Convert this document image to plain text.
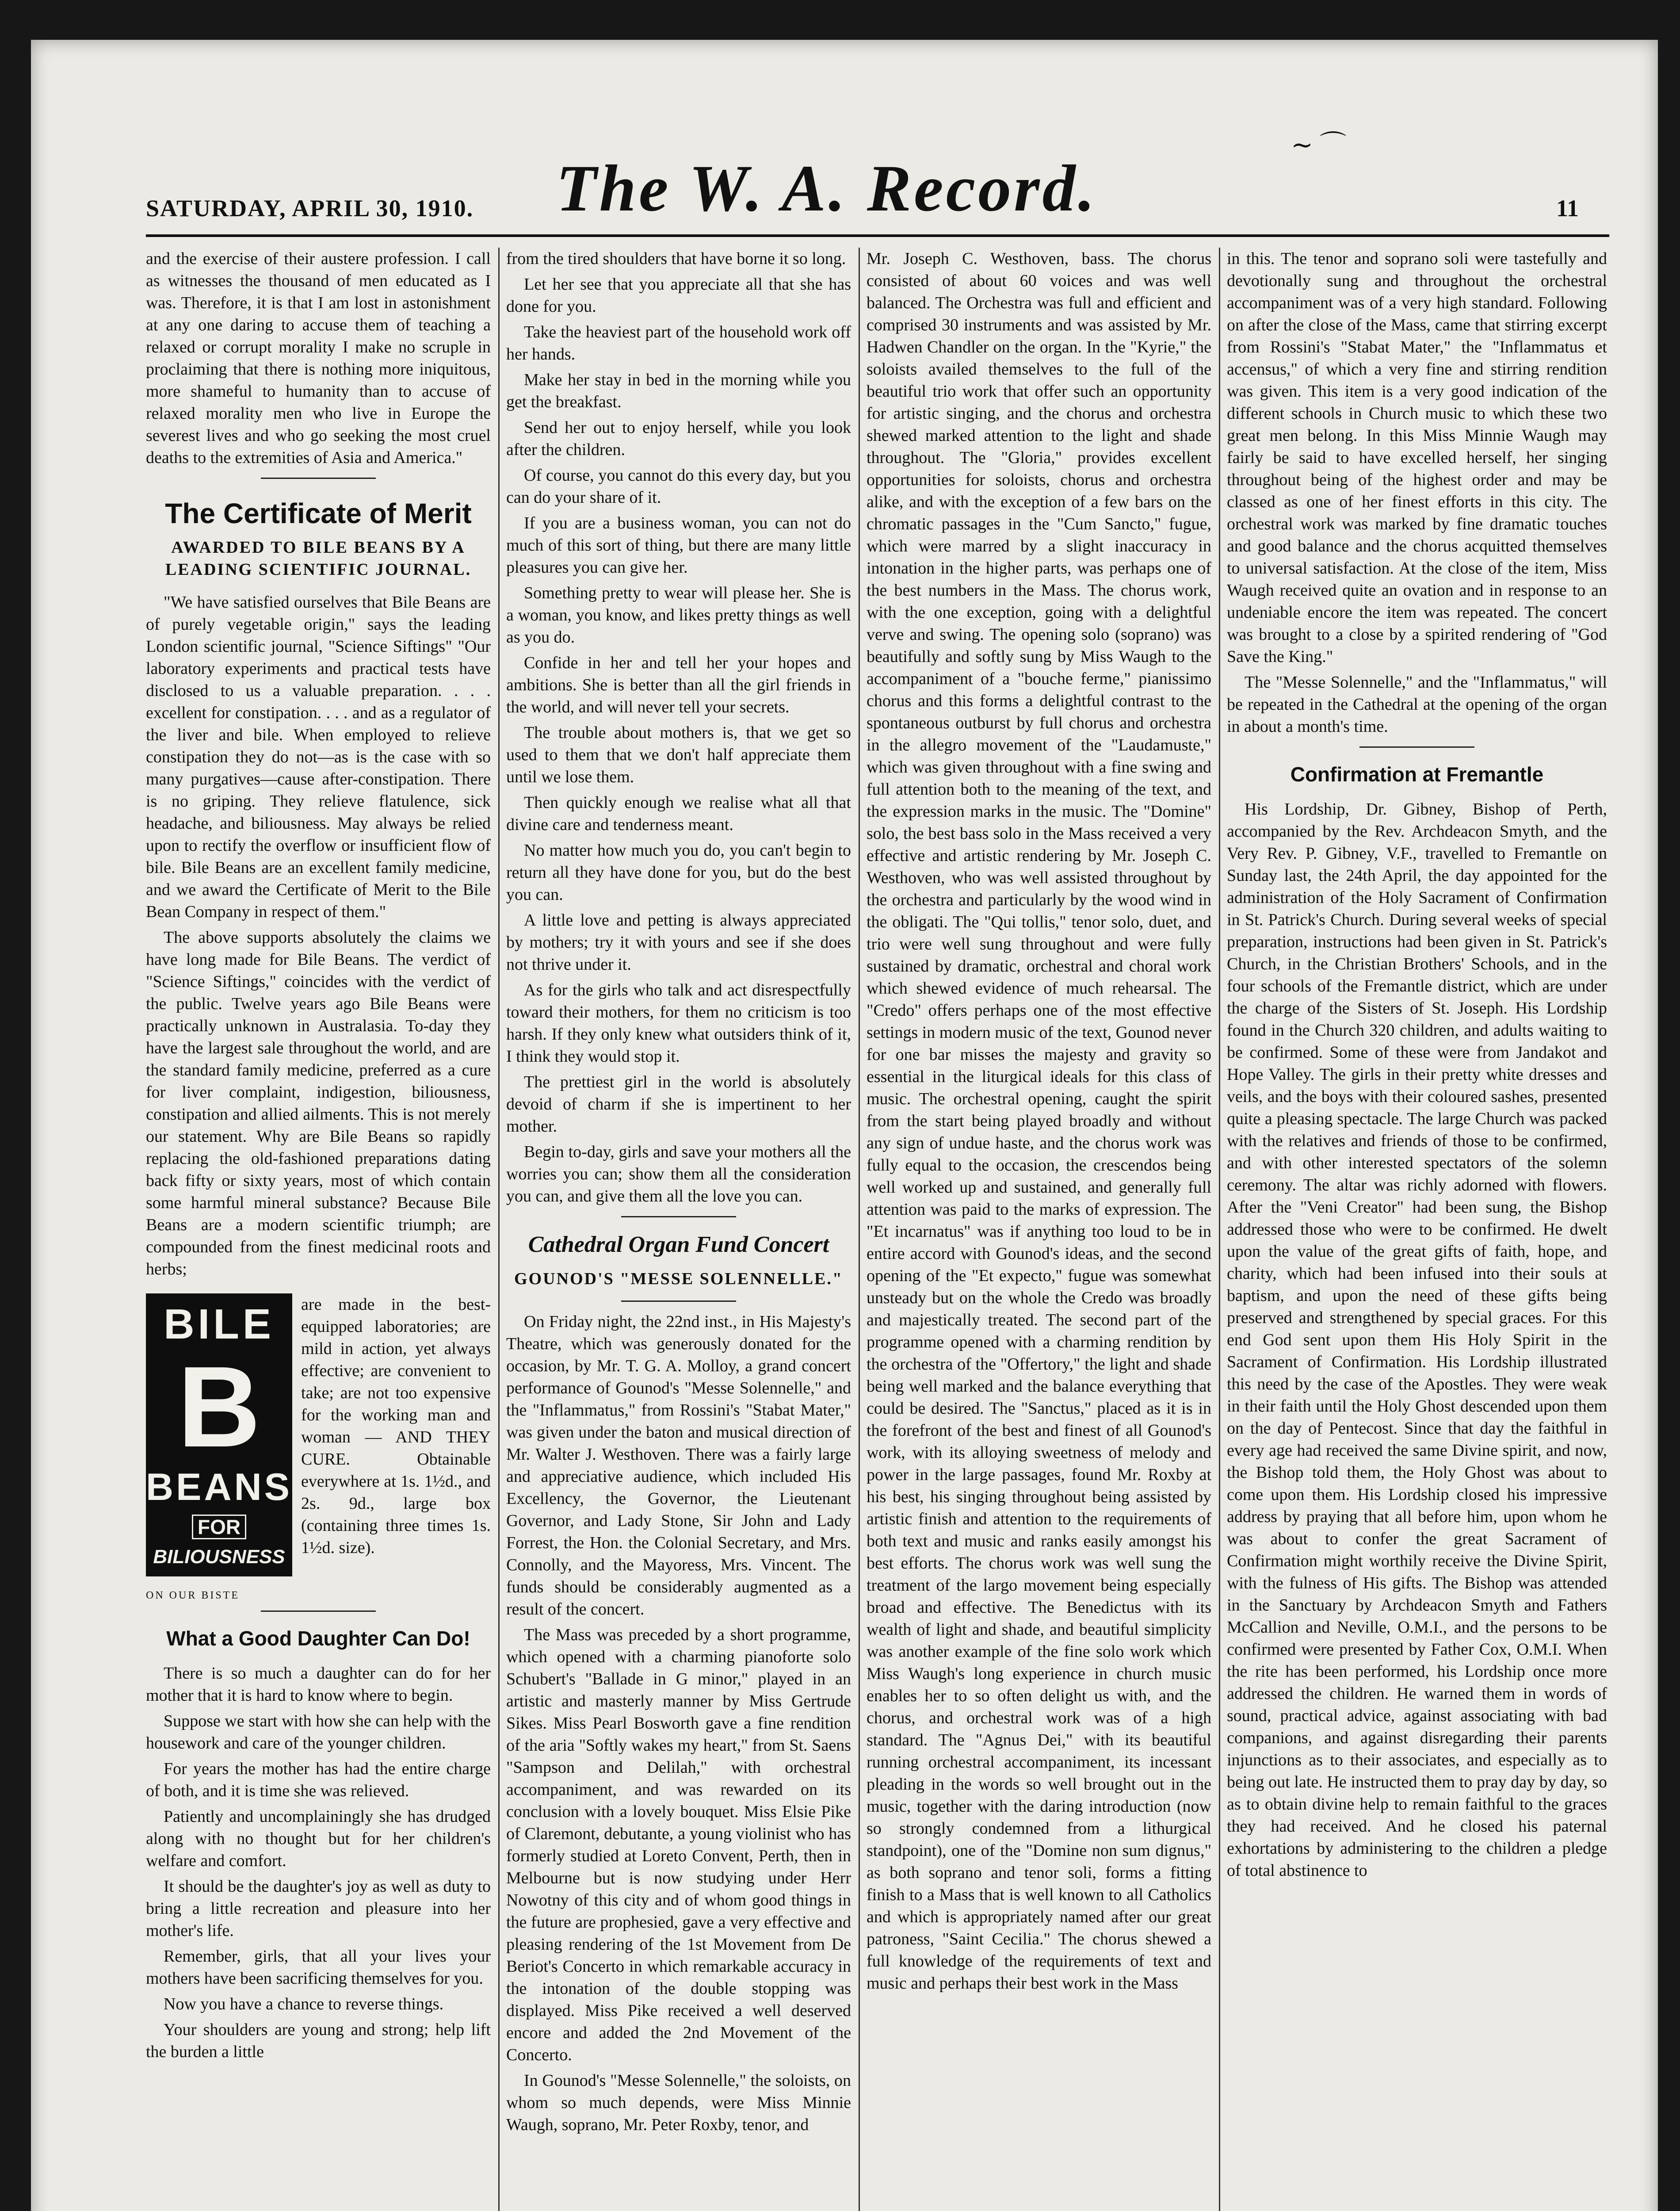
∼ ⌒
The W. A. Record.
SATURDAY, APRIL 30, 1910.	11

and the exercise of their austere profession. I call as witnesses the thousand of men educated as I was. Therefore, it is that I am lost in astonishment at any one daring to accuse them of teaching a relaxed or corrupt morality I make no scruple in proclaiming that there is nothing more iniquitous, more shameful to humanity than to accuse of relaxed morality men who live in Europe the severest lives and who go seeking the most cruel deaths to the extremities of Asia and America."

The Certificate of Merit
AWARDED TO BILE BEANS BY A LEADING SCIENTIFIC JOURNAL.

"We have satisfied ourselves that Bile Beans are of purely vegetable origin," says the leading London scientific journal, "Science Siftings" "Our laboratory experiments and practical tests have disclosed to us a valuable preparation. . . . excellent for constipation. . . . and as a regulator of the liver and bile. When employed to relieve constipation they do not—as is the case with so many purgatives—cause after-constipation. There is no griping. They relieve flatulence, sick headache, and biliousness. May always be relied upon to rectify the overflow or insufficient flow of bile. Bile Beans are an excellent family medicine, and we award the Certificate of Merit to the Bile Bean Company in respect of them."

The above supports absolutely the claims we have long made for Bile Beans. The verdict of "Science Siftings," coincides with the verdict of the public. Twelve years ago Bile Beans were practically unknown in Australasia. To-day they have the largest sale throughout the world, and are the standard family medicine, preferred as a cure for liver complaint, indigestion, biliousness, constipation and allied ailments. This is not merely our statement. Why are Bile Beans so rapidly replacing the old-fashioned preparations dating back fifty or sixty years, most of which contain some harmful mineral substance? Because Bile Beans are a modern scientific triumph; are compounded from the finest medicinal roots and herbs;

BILE
B
BEANS
FOR
BILIOUSNESS

are made in the best-equipped laboratories; are mild in action, yet always effective; are convenient to take; are not too expensive for the working man and woman — AND THEY CURE. Obtainable everywhere at 1s. 1½d., and 2s. 9d., large box (containing three times 1s. 1½d. size).

ON OUR BISTE
What a Good Daughter Can Do!

There is so much a daughter can do for her mother that it is hard to know where to begin.

Suppose we start with how she can help with the housework and care of the younger children.

For years the mother has had the entire charge of both, and it is time she was relieved.

Patiently and uncomplainingly she has drudged along with no thought but for her children's welfare and comfort.

It should be the daughter's joy as well as duty to bring a little recreation and pleasure into her mother's life.

Remember, girls, that all your lives your mothers have been sacrificing themselves for you.

Now you have a chance to reverse things.

Your shoulders are young and strong; help lift the burden a little

from the tired shoulders that have borne it so long.

Let her see that you appreciate all that she has done for you.

Take the heaviest part of the household work off her hands.

Make her stay in bed in the morning while you get the breakfast.

Send her out to enjoy herself, while you look after the children.

Of course, you cannot do this every day, but you can do your share of it.

If you are a business woman, you can not do much of this sort of thing, but there are many little pleasures you can give her.

Something pretty to wear will please her. She is a woman, you know, and likes pretty things as well as you do.

Confide in her and tell her your hopes and ambitions. She is better than all the girl friends in the world, and will never tell your secrets.

The trouble about mothers is, that we get so used to them that we don't half appreciate them until we lose them.

Then quickly enough we realise what all that divine care and tenderness meant.

No matter how much you do, you can't begin to return all they have done for you, but do the best you can.

A little love and petting is always appreciated by mothers; try it with yours and see if she does not thrive under it.

As for the girls who talk and act disrespectfully toward their mothers, for them no criticism is too harsh. If they only knew what outsiders think of it, I think they would stop it.

The prettiest girl in the world is absolutely devoid of charm if she is impertinent to her mother.

Begin to-day, girls and save your mothers all the worries you can; show them all the consideration you can, and give them all the love you can.

Cathedral Organ Fund Concert
GOUNOD'S "MESSE SOLENNELLE."

On Friday night, the 22nd inst., in His Majesty's Theatre, which was generously donated for the occasion, by Mr. T. G. A. Molloy, a grand concert performance of Gounod's "Messe Solennelle," and the "Inflammatus," from Rossini's "Stabat Mater," was given under the baton and musical direction of Mr. Walter J. Westhoven. There was a fairly large and appreciative audience, which included His Excellency, the Governor, the Lieutenant Governor, and Lady Stone, Sir John and Lady Forrest, the Hon. the Colonial Secretary, and Mrs. Connolly, and the Mayoress, Mrs. Vincent. The funds should be considerably augmented as a result of the concert.

The Mass was preceded by a short programme, which opened with a charming pianoforte solo Schubert's "Ballade in G minor," played in an artistic and masterly manner by Miss Gertrude Sikes. Miss Pearl Bosworth gave a fine rendition of the aria "Softly wakes my heart," from St. Saens "Sampson and Delilah," with orchestral accompaniment, and was rewarded on its conclusion with a lovely bouquet. Miss Elsie Pike of Claremont, debutante, a young violinist who has formerly studied at Loreto Convent, Perth, then in Melbourne but is now studying under Herr Nowotny of this city and of whom good things in the future are prophesied, gave a very effective and pleasing rendering of the 1st Movement from De Beriot's Concerto in which remarkable accuracy in the intonation of the double stopping was displayed. Miss Pike received a well deserved encore and added the 2nd Movement of the Concerto.

In Gounod's "Messe Solennelle," the soloists, on whom so much depends, were Miss Minnie Waugh, soprano, Mr. Peter Roxby, tenor, and

Mr. Joseph C. Westhoven, bass. The chorus consisted of about 60 voices and was well balanced. The Orchestra was full and efficient and comprised 30 instruments and was assisted by Mr. Hadwen Chandler on the organ. In the "Kyrie," the soloists availed themselves to the full of the beautiful trio work that offer such an opportunity for artistic singing, and the chorus and orchestra shewed marked attention to the light and shade throughout. The "Gloria," provides excellent opportunities for soloists, chorus and orchestra alike, and with the exception of a few bars on the chromatic passages in the "Cum Sancto," fugue, which were marred by a slight inaccuracy in intonation in the higher parts, was perhaps one of the best numbers in the Mass. The chorus work, with the one exception, going with a delightful verve and swing. The opening solo (soprano) was beautifully and softly sung by Miss Waugh to the accompaniment of a "bouche ferme," pianissimo chorus and this forms a delightful contrast to the spontaneous outburst by full chorus and orchestra in the allegro movement of the "Laudamuste," which was given throughout with a fine swing and full attention both to the meaning of the text, and the expression marks in the music. The "Domine" solo, the best bass solo in the Mass received a very effective and artistic rendering by Mr. Joseph C. Westhoven, who was well assisted throughout by the orchestra and particularly by the wood wind in the obligati. The "Qui tollis," tenor solo, duet, and trio were well sung throughout and were fully sustained by dramatic, orchestral and choral work which shewed evidence of much rehearsal. The "Credo" offers perhaps one of the most effective settings in modern music of the text, Gounod never for one bar misses the majesty and gravity so essential in the liturgical ideals for this class of music. The orchestral opening, caught the spirit from the start being played broadly and without any sign of undue haste, and the chorus work was fully equal to the occasion, the crescendos being well worked up and sustained, and generally full attention was paid to the marks of expression. The "Et incarnatus" was if anything too loud to be in entire accord with Gounod's ideas, and the second opening of the "Et expecto," fugue was somewhat unsteady but on the whole the Credo was broadly and majestically treated. The second part of the programme opened with a charming rendition by the orchestra of the "Offertory," the light and shade being well marked and the balance everything that could be desired. The "Sanctus," placed as it is in the forefront of the best and finest of all Gounod's work, with its alloying sweetness of melody and power in the large passages, found Mr. Roxby at his best, his singing throughout being assisted by artistic finish and attention to the requirements of both text and music and ranks easily amongst his best efforts. The chorus work was well sung the treatment of the largo movement being especially broad and effective. The Benedictus with its wealth of light and shade, and beautiful simplicity was another example of the fine solo work which Miss Waugh's long experience in church music enables her to so often delight us with, and the chorus, and orchestral work was of a high standard. The "Agnus Dei," with its beautiful running orchestral accompaniment, its incessant pleading in the words so well brought out in the music, together with the daring introduction (now so strongly condemned from a lithurgical standpoint), one of the "Domine non sum dignus," as both soprano and tenor soli, forms a fitting finish to a Mass that is well known to all Catholics and which is appropriately named after our great patroness, "Saint Cecilia." The chorus shewed a full knowledge of the requirements of text and music and perhaps their best work in the Mass

in this. The tenor and soprano soli were tastefully and devotionally sung and throughout the orchestral accompaniment was of a very high standard. Following on after the close of the Mass, came that stirring excerpt from Rossini's "Stabat Mater," the "Inflammatus et accensus," of which a very fine and stirring rendition was given. This item is a very good indication of the different schools in Church music to which these two great men belong. In this Miss Minnie Waugh may fairly be said to have excelled herself, her singing throughout being of the highest order and may be classed as one of her finest efforts in this city. The orchestral work was marked by fine dramatic touches and good balance and the chorus acquitted themselves to universal satisfaction. At the close of the item, Miss Waugh received quite an ovation and in response to an undeniable encore the item was repeated. The concert was brought to a close by a spirited rendering of "God Save the King."

The "Messe Solennelle," and the "Inflammatus," will be repeated in the Cathedral at the opening of the organ in about a month's time.

Confirmation at Fremantle

His Lordship, Dr. Gibney, Bishop of Perth, accompanied by the Rev. Archdeacon Smyth, and the Very Rev. P. Gibney, V.F., travelled to Fremantle on Sunday last, the 24th April, the day appointed for the administration of the Holy Sacrament of Confirmation in St. Patrick's Church. During several weeks of special preparation, instructions had been given in St. Patrick's Church, in the Christian Brothers' Schools, and in the four schools of the Fremantle district, which are under the charge of the Sisters of St. Joseph. His Lordship found in the Church 320 children, and adults waiting to be confirmed. Some of these were from Jandakot and Hope Valley. The girls in their pretty white dresses and veils, and the boys with their coloured sashes, presented quite a pleasing spectacle. The large Church was packed with the relatives and friends of those to be confirmed, and with other interested spectators of the solemn ceremony. The altar was richly adorned with flowers. After the "Veni Creator" had been sung, the Bishop addressed those who were to be confirmed. He dwelt upon the value of the great gifts of faith, hope, and charity, which had been infused into their souls at baptism, and upon the need of these gifts being preserved and strengthened by special graces. For this end God sent upon them His Holy Spirit in the Sacrament of Confirmation. His Lordship illustrated this need by the case of the Apostles. They were weak in their faith until the Holy Ghost descended upon them on the day of Pentecost. Since that day the faithful in every age had received the same Divine spirit, and now, the Bishop told them, the Holy Ghost was about to come upon them. His Lordship closed his impressive address by praying that all before him, upon whom he was about to confer the great Sacrament of Confirmation might worthily receive the Divine Spirit, with the fulness of His gifts. The Bishop was attended in the Sanctuary by Archdeacon Smyth and Fathers McCallion and Neville, O.M.I., and the persons to be confirmed were presented by Father Cox, O.M.I. When the rite has been performed, his Lordship once more addressed the children. He warned them in words of sound, practical advice, against associating with bad companions, and against disregarding their parents injunctions as to their associates, and especially as to being out late. He instructed them to pray day by day, so as to obtain divine help to remain faithful to the graces they had received. And he closed his paternal exhortations by administering to the children a pledge of total abstinence to
